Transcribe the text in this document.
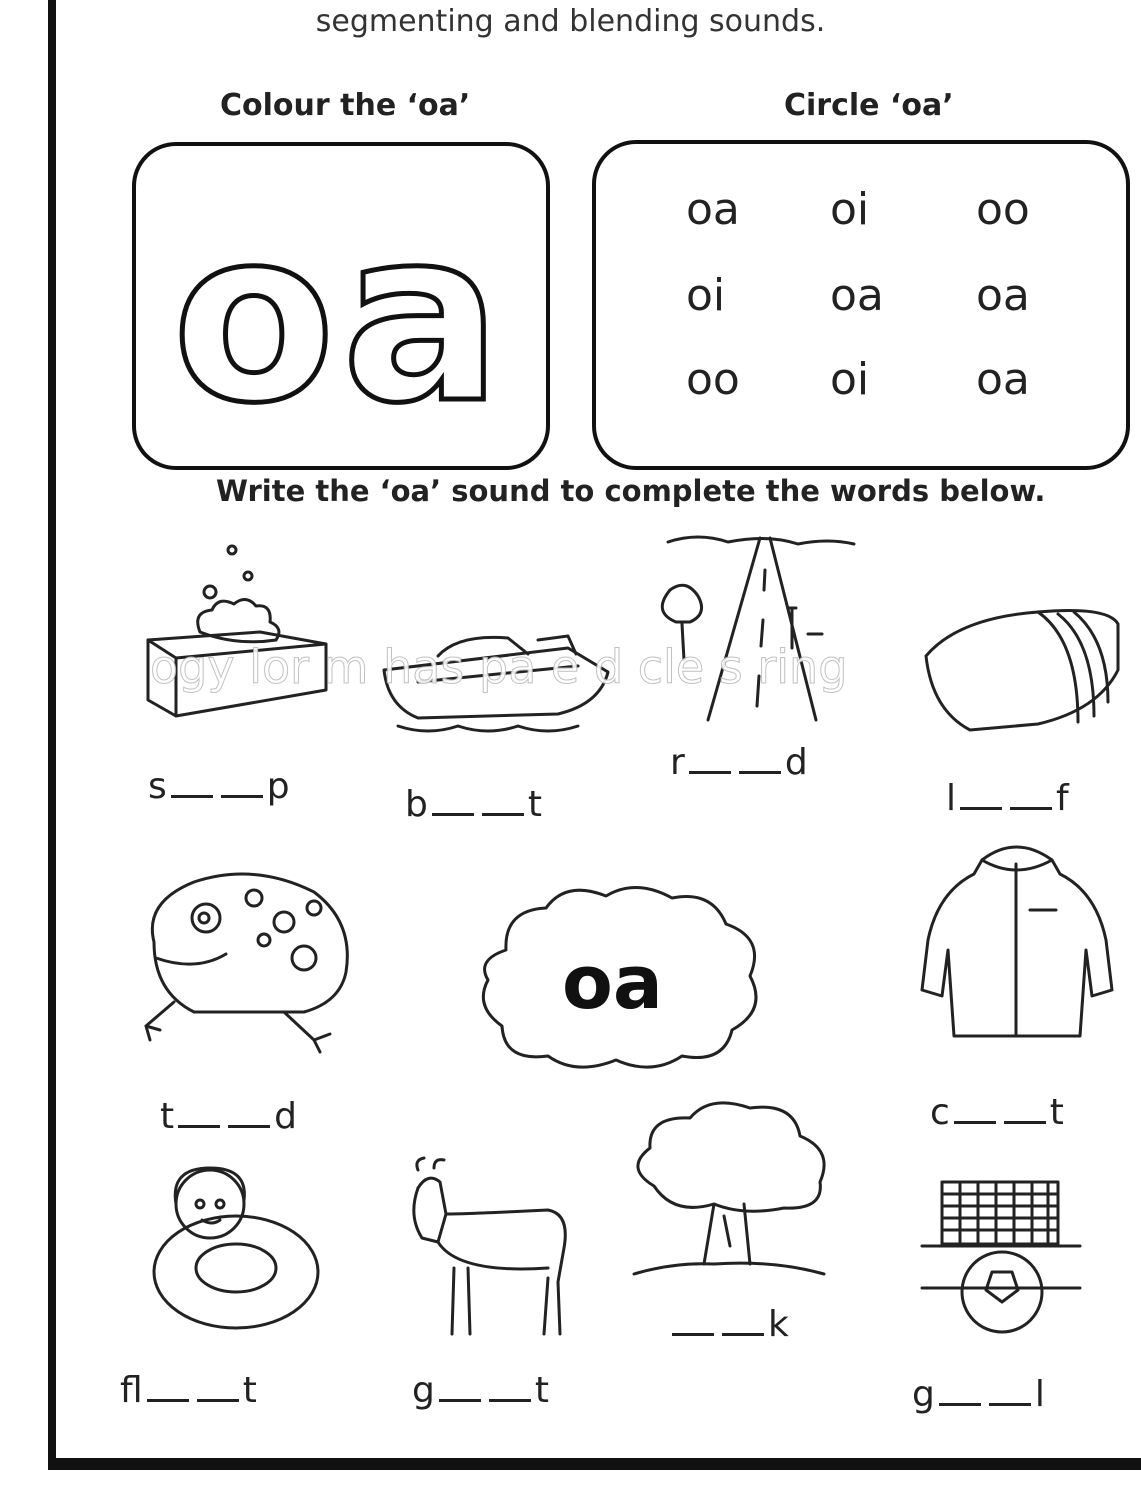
segmenting and blending sounds.
Colour the ‘oa’
oa
Circle ‘oa’
oa	oi	oo
oi	oa	oa
oo	oi	oa
Write the ‘oa’ sound to complete the words below.
ogy lor m has pa e d cle s ring
s	p	b	t
r	d
l	f
oa
t	d	c	t
k
fl	t	g	t	g	l
